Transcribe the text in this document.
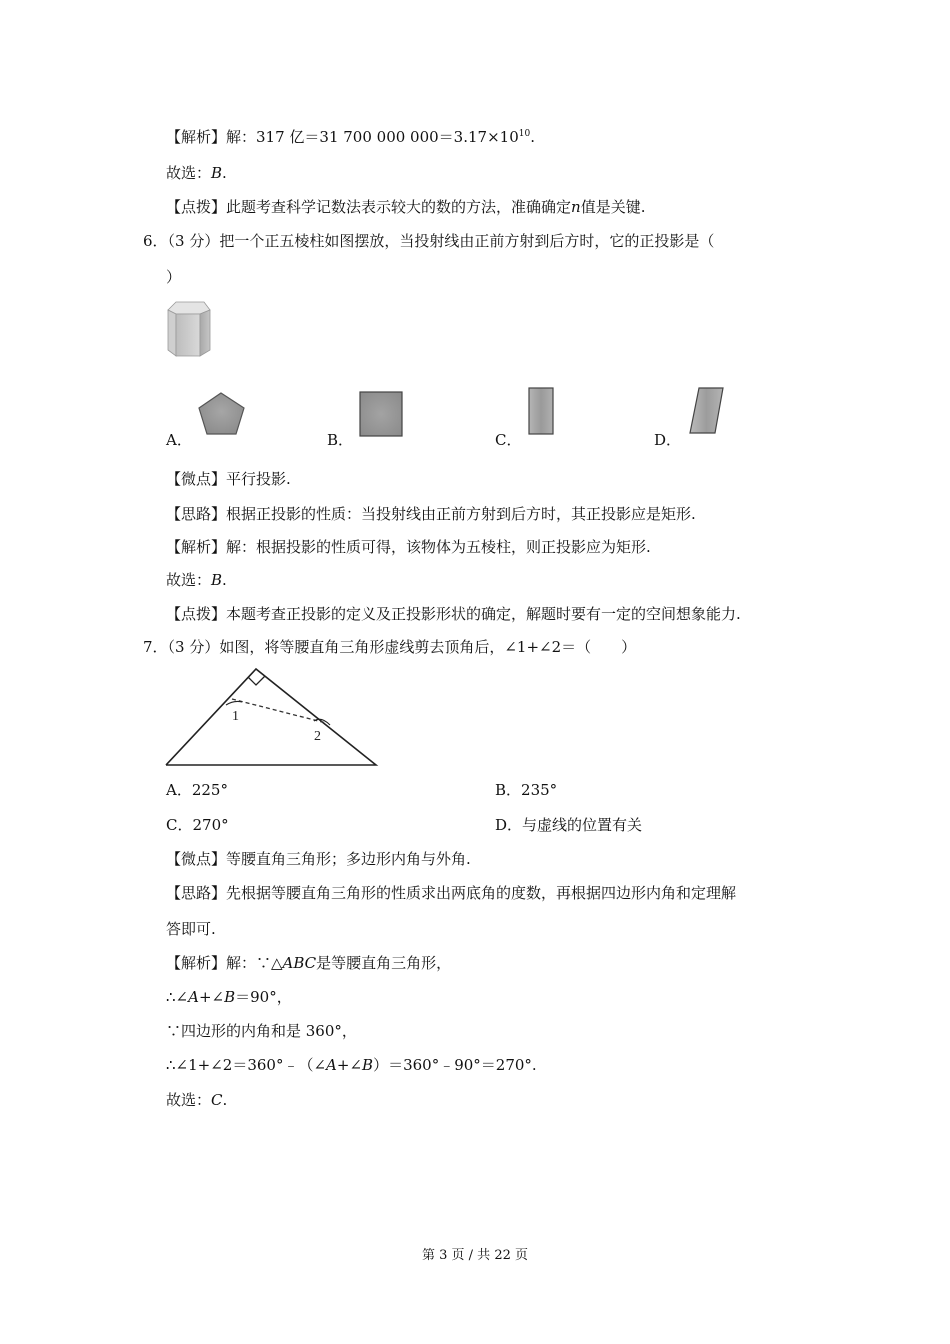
【解析】解：317 亿＝31 700 000 $000=3.17\times 10^{10}$.
故选：B.
【点拨】此题考查科学记数法表示较大的数的方法，准确确定n值是关键.
6．（3 分）把一个正五棱柱如图摆放，当投射线由正前方射到后方时，它的正投影是（
）
A．	B．	C．	D．
【微点】平行投影.
【思路】根据正投影的性质：当投射线由正前方射到后方时，其正投影应是矩形.
【解析】解：根据投影的性质可得，该物体为五棱柱，则正投影应为矩形.
故选：B.
【点拨】本题考查正投影的定义及正投影形状的确定，解题时要有一定的空间想象能力.
7．（3 分）如图，将等腰直角三角形虚线剪去顶角后，∠1+∠2＝（　　）
1
2
A．225°	B．235°
C．270°	D．与虚线的位置有关
【微点】等腰直角三角形；多边形内角与外角.
【思路】先根据等腰直角三角形的性质求出两底角的度数，再根据四边形内角和定理解
答即可.
【解析】解：∵△ABC是等腰直角三角形，
∴∠A+∠B＝90°，
∵四边形的内角和是 360°，
∴∠1+∠2＝360°﹣（∠A+∠B）＝360°﹣90°＝270°.
故选：C.
第 3 页 / 共 22 页
